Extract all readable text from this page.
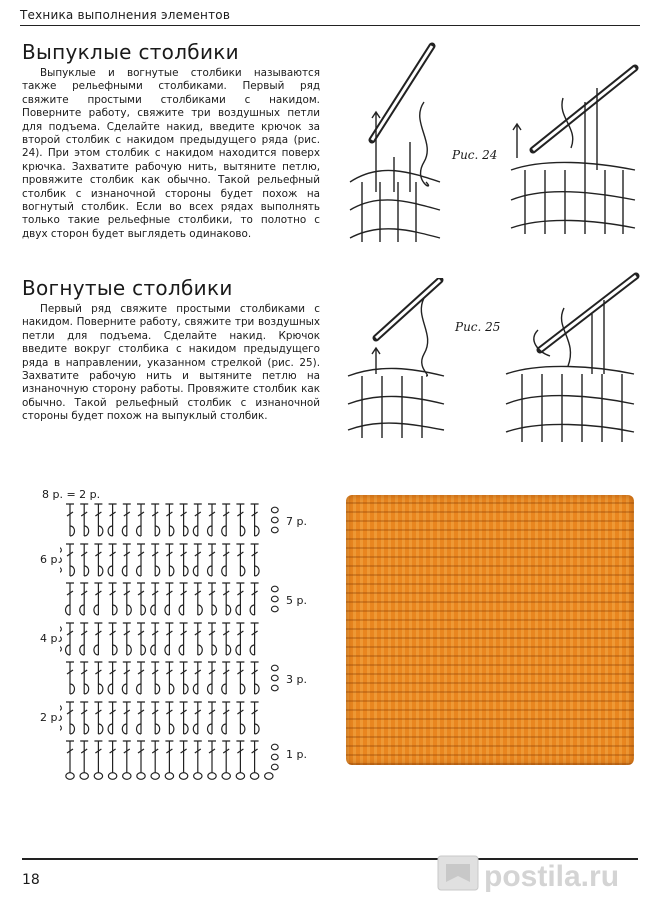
Техника выполнения элементов
Выпуклые столбики

Выпуклые и вогнутые столбики называются также рельефными столбиками. Первый ряд свяжите простыми столбиками с накидом. Поверните работу, свяжите три воздушных петли для подъема. Сделайте накид, введите крючок за второй столбик с накидом предыдущего ряда (рис. 24). При этом столбик с накидом находится поверх крючка. Захватите рабочую нить, вытяните петлю, провяжите столбик как обычно. Такой рельефный столбик с изнаночной стороны будет похож на вогнутый столбик. Если во всех рядах выполнять только такие рельефные столбики, то полотно с двух сторон будет выглядеть одинаково.

Рис. 24
Вогнутые столбики

Первый ряд свяжите простыми столбиками с накидом. Поверните работу, свяжите три воздушных петли для подъема. Сделайте накид. Крючок введите вокруг столбика с накидом предыдущего ряда в направлении, указанном стрелкой (рис. 25). Захватите рабочую нить и вытяните петлю на изнаночную сторону работы. Провяжите столбик как обычно. Такой рельефный столбик с изнаночной стороны будет похож на выпуклый столбик.

Рис. 25
8 р. = 2 р.
6 р.
4 р.
2 р.
7 р.
5 р.
3 р.
1 р.
18	postila.ru
